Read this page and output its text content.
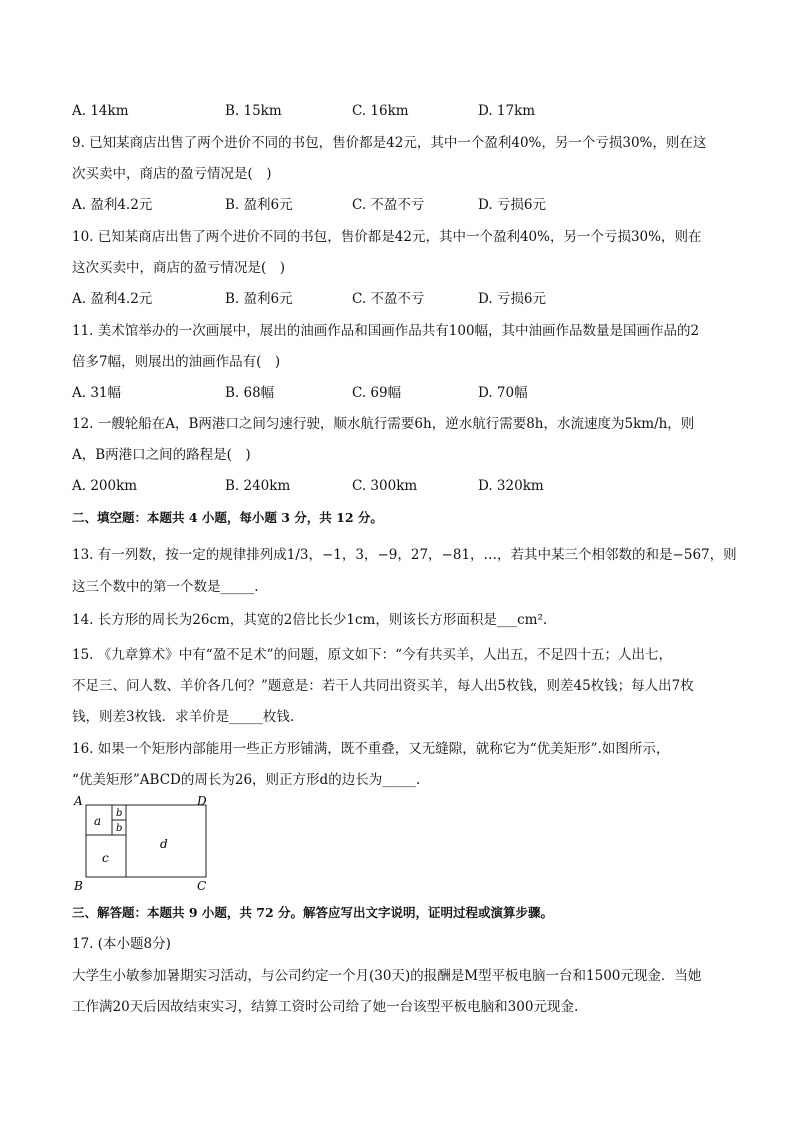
A. 14km	B. 15km	C. 16km	D. 17km
9. 已知某商店出售了两个进价不同的书包，售价都是42元，其中一个盈利40%，另一个亏损30%，则在这
次买卖中，商店的盈亏情况是(　)
A. 盈利4.2元	B. 盈利6元	C. 不盈不亏	D. 亏损6元
10. 已知某商店出售了两个进价不同的书包，售价都是42元，其中一个盈利40%，另一个亏损30%，则在
这次买卖中，商店的盈亏情况是(　)
A. 盈利4.2元	B. 盈利6元	C. 不盈不亏	D. 亏损6元
11. 美术馆举办的一次画展中，展出的油画作品和国画作品共有100幅，其中油画作品数量是国画作品的2
倍多7幅，则展出的油画作品有(　)
A. 31幅	B. 68幅	C. 69幅	D. 70幅
12. 一艘轮船在A，B两港口之间匀速行驶，顺水航行需要6h，逆水航行需要8h，水流速度为5km/h，则
A，B两港口之间的路程是(　)
A. 200km	B. 240km	C. 300km	D. 320km
二、填空题：本题共 4 小题，每小题 3 分，共 12 分。
13. 有一列数，按一定的规律排列成1/3，−1，3，−9，27，−81，…，若其中某三个相邻数的和是−567，则
这三个数中的第一个数是_____.
14. 长方形的周长为26cm，其宽的2倍比长少1cm，则该长方形面积是___cm².
15. 《九章算术》中有“盈不足术”的问题，原文如下：“今有共买羊，人出五，不足四十五；人出七，
不足三、问人数、羊价各几何？”题意是：若干人共同出资买羊，每人出5枚钱，则差45枚钱；每人出7枚
钱，则差3枚钱．求羊价是_____枚钱.
16. 如果一个矩形内部能用一些正方形铺满，既不重叠，又无缝隙，就称它为“优美矩形”.如图所示，
“优美矩形”ABCD的周长为26，则正方形d的边长为_____.
A	D
B	C
a
b
b
c
d
三、解答题：本题共 9 小题，共 72 分。解答应写出文字说明，证明过程或演算步骤。
17. (本小题8分)
大学生小敏参加暑期实习活动，与公司约定一个月(30天)的报酬是M型平板电脑一台和1500元现金．当她
工作满20天后因故结束实习，结算工资时公司给了她一台该型平板电脑和300元现金.
